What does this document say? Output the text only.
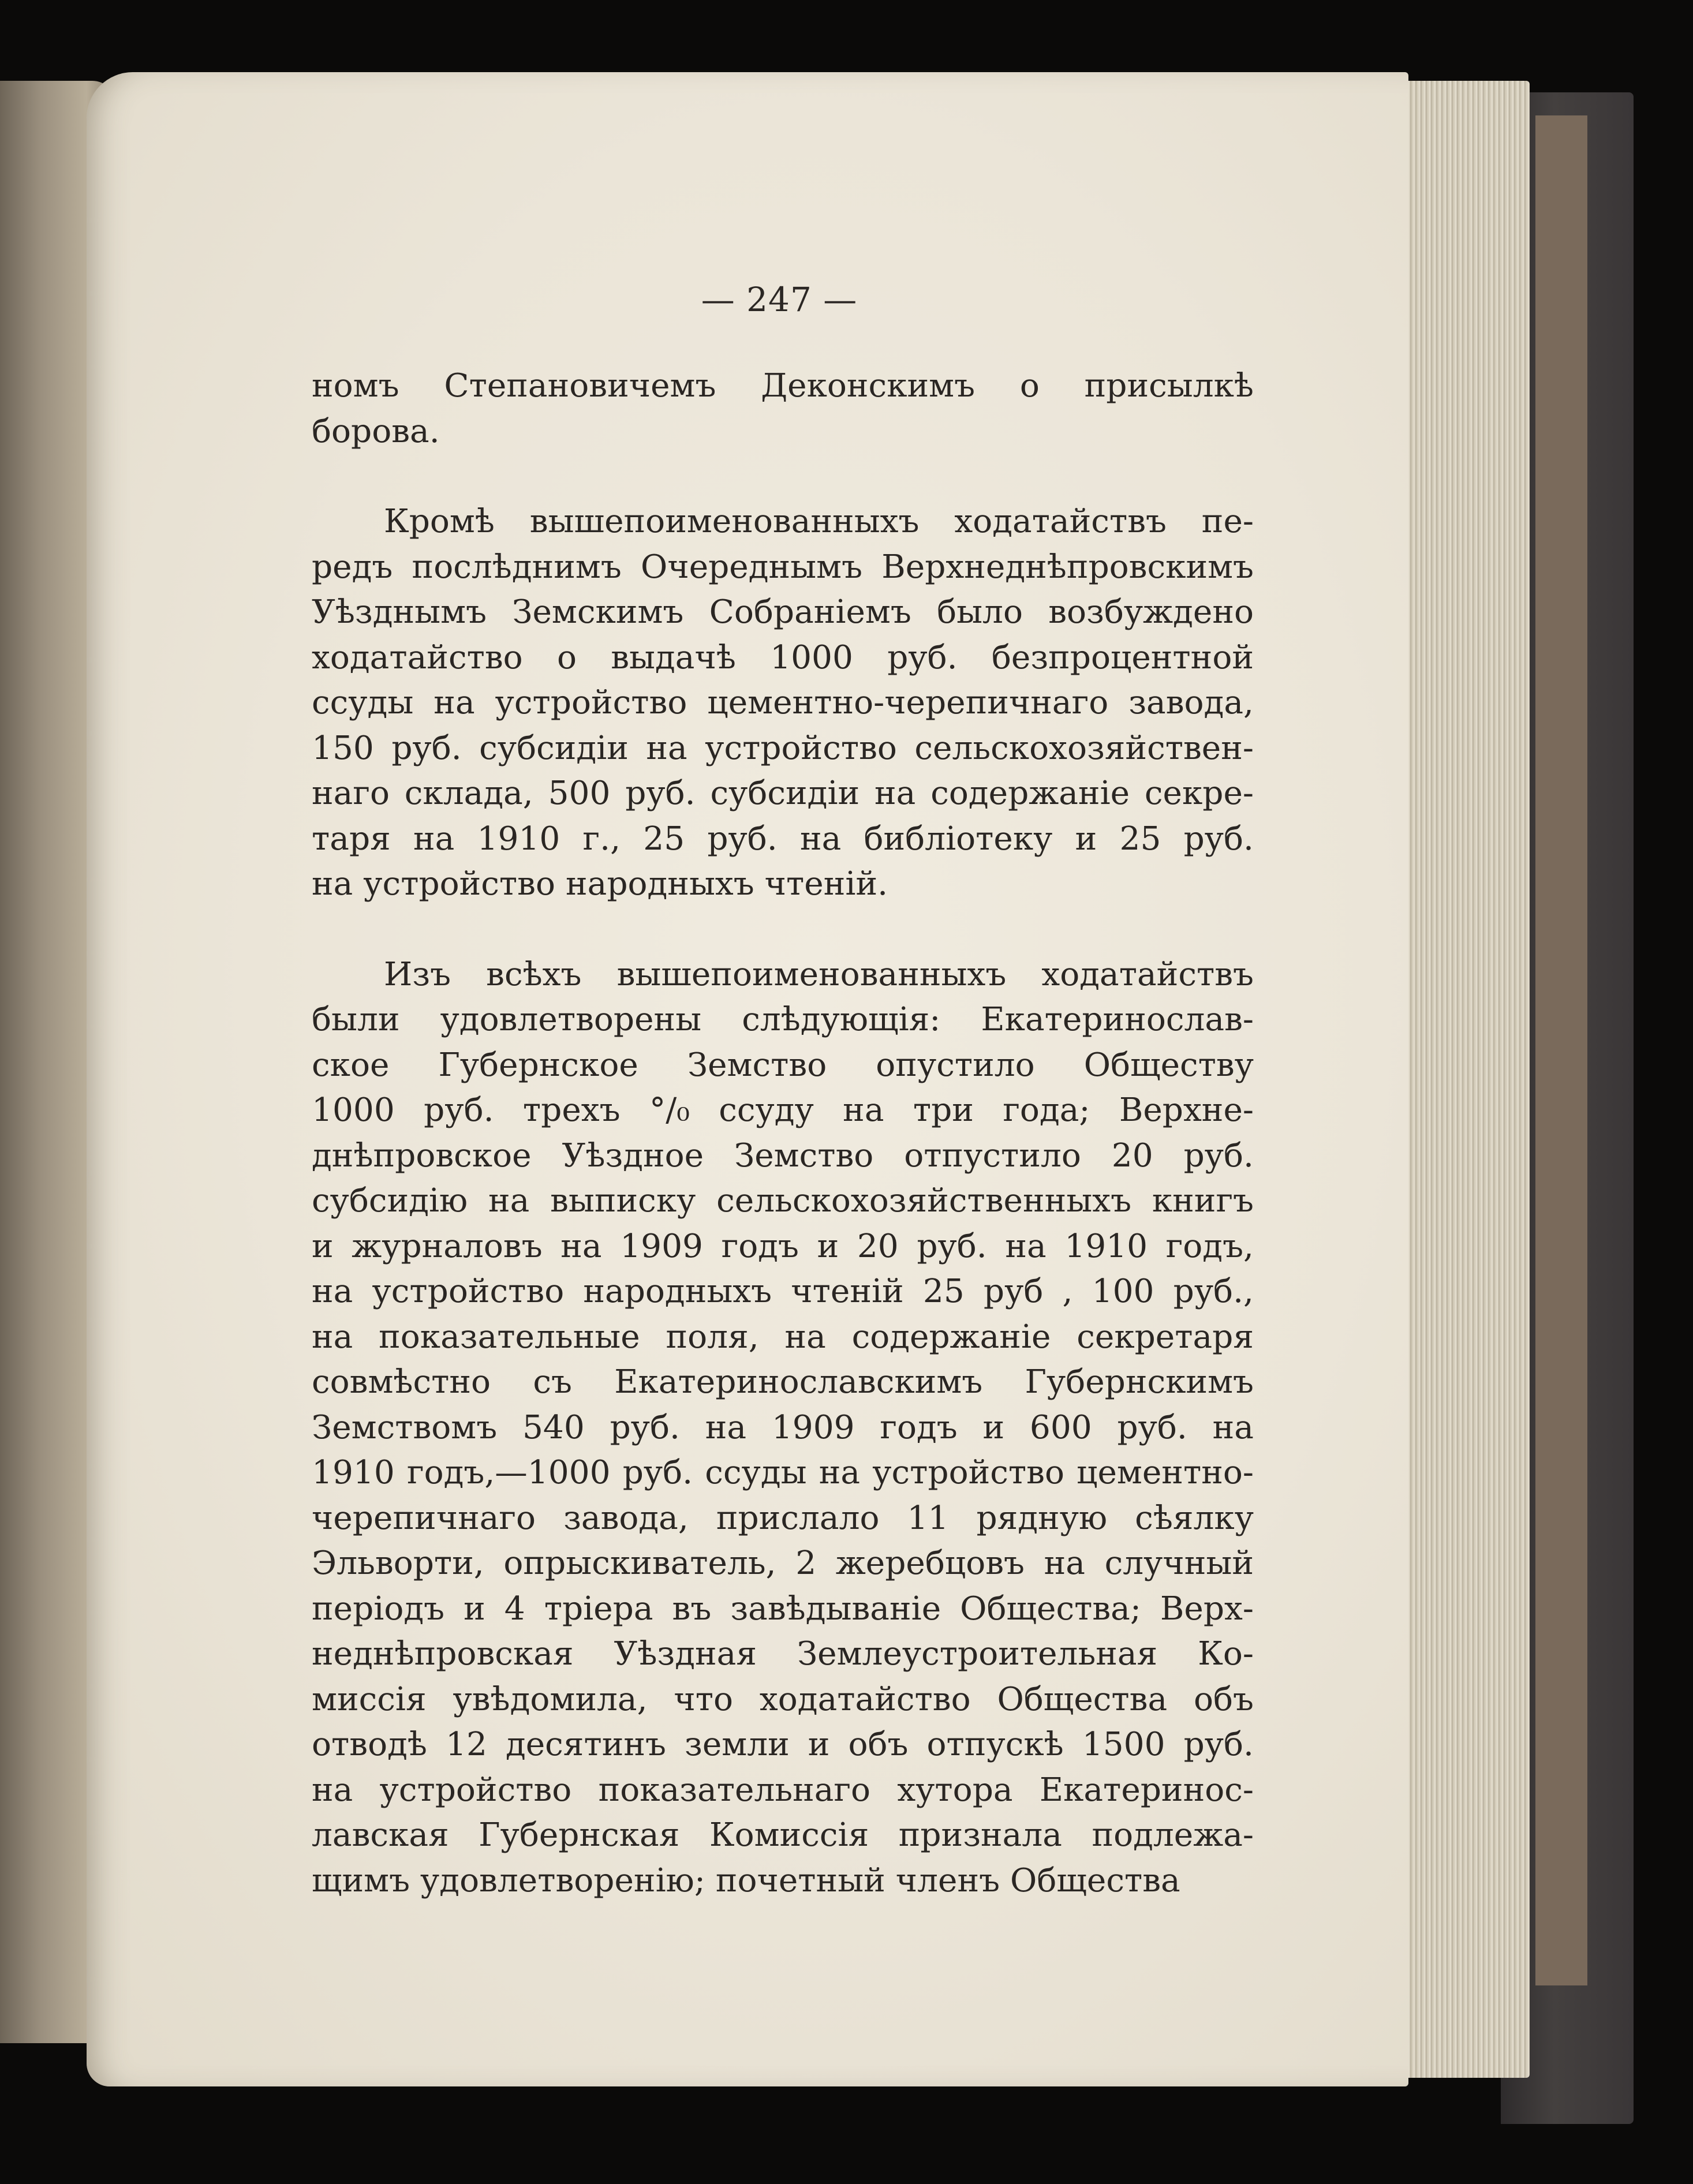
— 247 —
номъ Степановичемъ Деконскимъ о присылкѣ
борова.
Кромѣ вышепоименованныхъ ходатайствъ пе-
редъ послѣднимъ Очереднымъ Верхнеднѣпровскимъ
Уѣзднымъ Земскимъ Собраніемъ было возбуждено
ходатайство о выдачѣ 1000 руб. безпроцентной
ссуды на устройство цементно-черепичнаго завода,
150 руб. субсидіи на устройство сельскохозяйствен-
наго склада, 500 руб. субсидіи на содержаніе секре-
таря на 1910 г., 25 руб. на библіотеку и 25 руб.
на устройство народныхъ чтеній.
Изъ всѣхъ вышепоименованныхъ ходатайствъ
были удовлетворены слѣдующія: Екатеринослав-
ское Губернское Земство опустило Обществу
1000 руб. трехъ °/₀ ссуду на три года; Верхне-
днѣпровское Уѣздное Земство отпустило 20 руб.
субсидію на выписку сельскохозяйственныхъ книгъ
и журналовъ на 1909 годъ и 20 руб. на 1910 годъ,
на устройство народныхъ чтеній 25 руб , 100 руб.,
на показательные поля, на содержаніе секретаря
совмѣстно съ Екатеринославскимъ Губернскимъ
Земствомъ 540 руб. на 1909 годъ и 600 руб. на
1910 годъ,—1000 руб. ссуды на устройство цементно-
черепичнаго завода, прислало 11 рядную сѣялку
Эльворти, опрыскиватель, 2 жеребцовъ на случный
періодъ и 4 тріера въ завѣдываніе Общества; Верх-
неднѣпровская Уѣздная Землеустроительная Ко-
миссія увѣдомила, что ходатайство Общества объ
отводѣ 12 десятинъ земли и объ отпускѣ 1500 руб.
на устройство показательнаго хутора Екатеринос-
лавская Губернская Комиссія признала подлежа-
щимъ удовлетворенію; почетный членъ Общества
